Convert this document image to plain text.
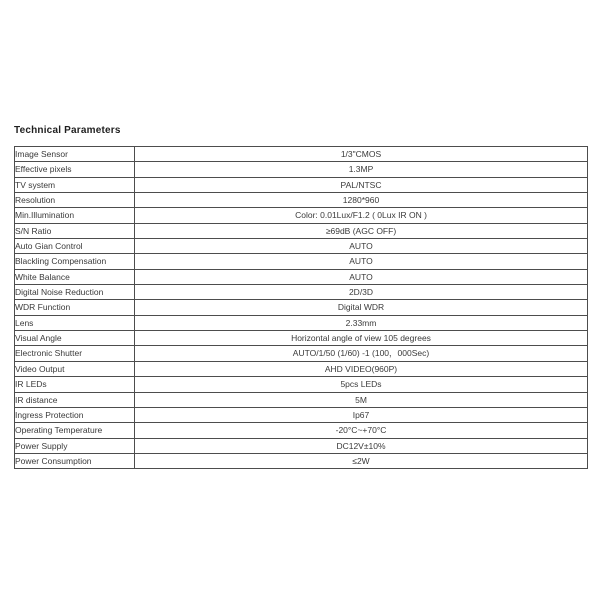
Technical Parameters
Image Sensor	1/3"CMOS
Effective pixels	1.3MP
TV system	PAL/NTSC
Resolution	1280*960
Min.Illumination	Color: 0.01Lux/F1.2 ( 0Lux IR ON )
S/N Ratio	≥69dB (AGC OFF)
Auto Gian Control	AUTO
Blackling Compensation	AUTO
White Balance	AUTO
Digital Noise Reduction	2D/3D
WDR Function	Digital WDR
Lens	2.33mm
Visual Angle	Horizontal angle of view 105 degrees
Electronic Shutter	AUTO/1/50 (1/60) -1 (100，000Sec)
Video Output	AHD VIDEO(960P)
IR LEDs	5pcs LEDs
IR distance	5M
Ingress Protection	Ip67
Operating Temperature	-20°C~+70°C
Power Supply	DC12V±10%
Power Consumption	≤2W
